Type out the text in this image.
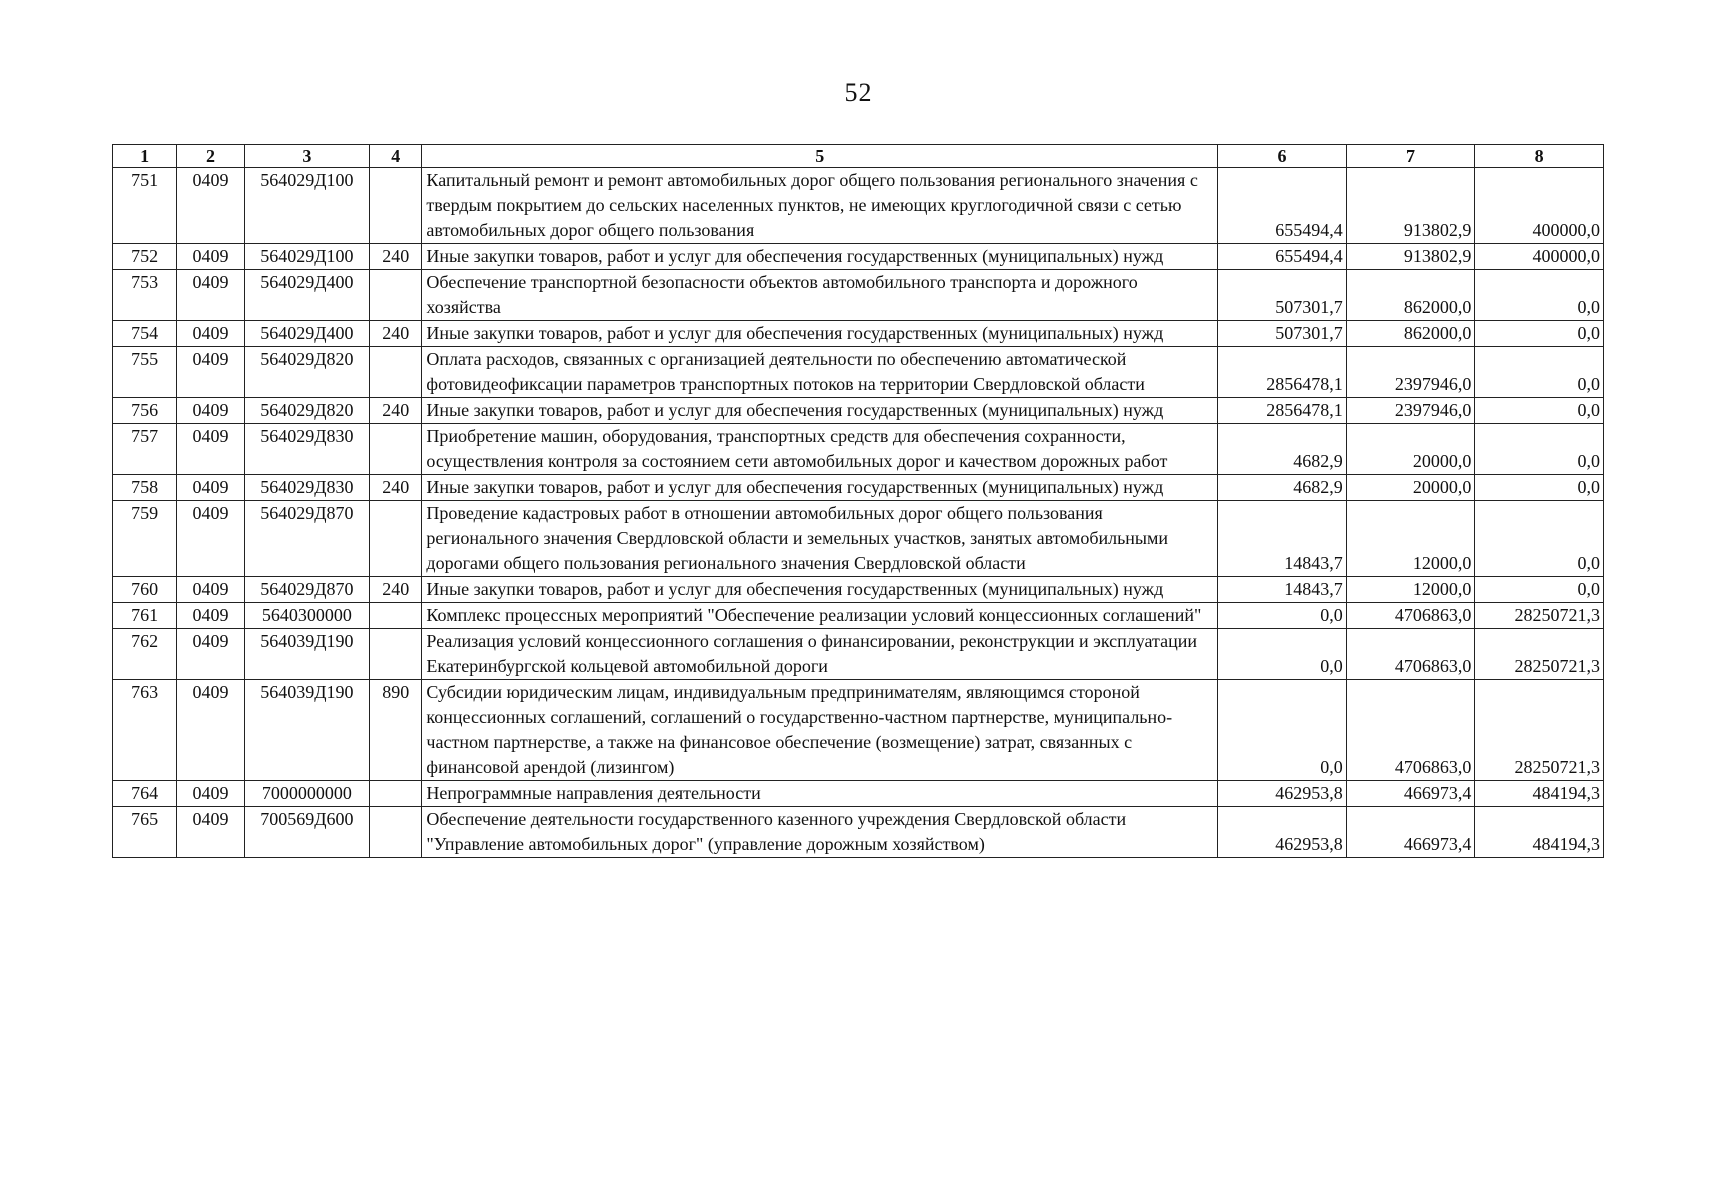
52
1	2	3	4	5	6	7	8
751	0409	564029Д100		Капитальный ремонт и ремонт автомобильных дорог общего пользования регионального значения с твердым покрытием до сельских населенных пунктов, не имеющих круглогодичной связи с сетью автомобильных дорог общего пользования	655494,4	913802,9	400000,0
752	0409	564029Д100	240	Иные закупки товаров, работ и услуг для обеспечения государственных (муниципальных) нужд	655494,4	913802,9	400000,0
753	0409	564029Д400		Обеспечение транспортной безопасности объектов автомобильного транспорта и дорожного хозяйства	507301,7	862000,0	0,0
754	0409	564029Д400	240	Иные закупки товаров, работ и услуг для обеспечения государственных (муниципальных) нужд	507301,7	862000,0	0,0
755	0409	564029Д820		Оплата расходов, связанных с организацией деятельности по обеспечению автоматической фотовидеофиксации параметров транспортных потоков на территории Свердловской области	2856478,1	2397946,0	0,0
756	0409	564029Д820	240	Иные закупки товаров, работ и услуг для обеспечения государственных (муниципальных) нужд	2856478,1	2397946,0	0,0
757	0409	564029Д830		Приобретение машин, оборудования, транспортных средств для обеспечения сохранности, осуществления контроля за состоянием сети автомобильных дорог и качеством дорожных работ	4682,9	20000,0	0,0
758	0409	564029Д830	240	Иные закупки товаров, работ и услуг для обеспечения государственных (муниципальных) нужд	4682,9	20000,0	0,0
759	0409	564029Д870		Проведение кадастровых работ в отношении автомобильных дорог общего пользования регионального значения Свердловской области и земельных участков, занятых автомобильными дорогами общего пользования регионального значения Свердловской области	14843,7	12000,0	0,0
760	0409	564029Д870	240	Иные закупки товаров, работ и услуг для обеспечения государственных (муниципальных) нужд	14843,7	12000,0	0,0
761	0409	5640300000		Комплекс процессных мероприятий "Обеспечение реализации условий концессионных соглашений"	0,0	4706863,0	28250721,3
762	0409	564039Д190		Реализация условий концессионного соглашения о финансировании, реконструкции и эксплуатации Екатеринбургской кольцевой автомобильной дороги	0,0	4706863,0	28250721,3
763	0409	564039Д190	890	Субсидии юридическим лицам, индивидуальным предпринимателям, являющимся стороной концессионных соглашений, соглашений о государственно-частном партнерстве, муниципально-частном партнерстве, а также на финансовое обеспечение (возмещение) затрат, связанных с финансовой арендой (лизингом)	0,0	4706863,0	28250721,3
764	0409	7000000000		Непрограммные направления деятельности	462953,8	466973,4	484194,3
765	0409	700569Д600		Обеспечение деятельности государственного казенного учреждения Свердловской области "Управление автомобильных дорог" (управление дорожным хозяйством)	462953,8	466973,4	484194,3
